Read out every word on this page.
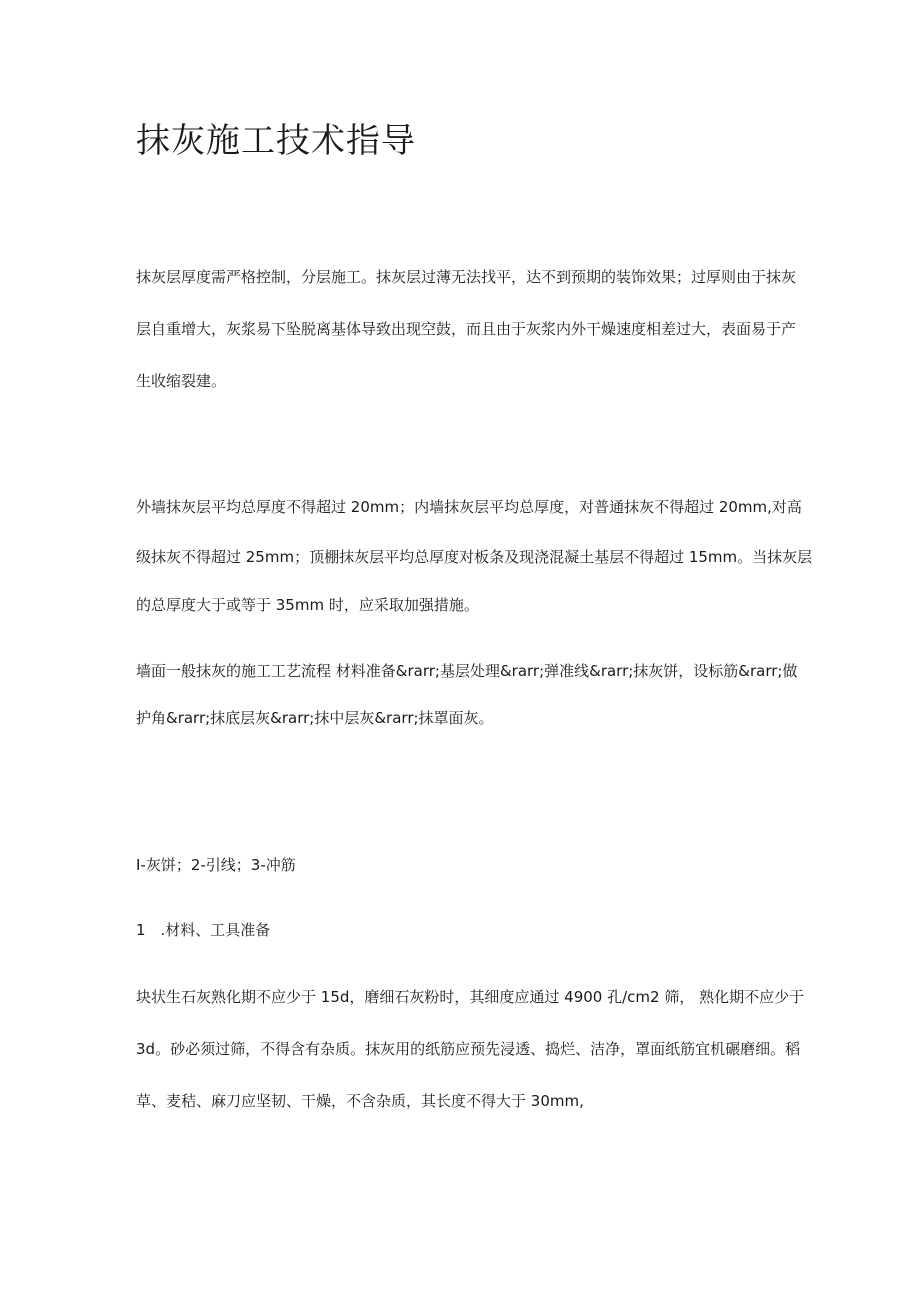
抹灰施工技术指导
抹灰层厚度需严格控制，分层施工。抹灰层过薄无法找平，达不到预期的装饰效果；过厚则由于抹灰
层自重增大，灰浆易下坠脱离基体导致出现空鼓，而且由于灰浆内外干燥速度相差过大，表面易于产
生收缩裂建。
外墙抹灰层平均总厚度不得超过 20mm；内墙抹灰层平均总厚度，对普通抹灰不得超过 20mm,对高
级抹灰不得超过 25mm；顶棚抹灰层平均总厚度对板条及现浇混凝土基层不得超过 15mm。当抹灰层
的总厚度大于或等于 35mm 时，应采取加强措施。
墙面一般抹灰的施工工艺流程 材料准备&rarr;基层处理&rarr;弹准线&rarr;抹灰饼，设标筋&rarr;做
护角&rarr;抹底层灰&rarr;抹中层灰&rarr;抹罩面灰。

I-灰饼；2-引线；3-冲筋

1　.材料、工具准备

块状生石灰熟化期不应少于 15d，磨细石灰粉时，其细度应通过 4900 孔/cm2 筛， 熟化期不应少于
3d。砂必须过筛，不得含有杂质。抹灰用的纸筋应预先浸透、捣烂、洁净，罩面纸筋宜机碾磨细。稻
草、麦秸、麻刀应坚韧、干燥，不含杂质，其长度不得大于 30mm,
